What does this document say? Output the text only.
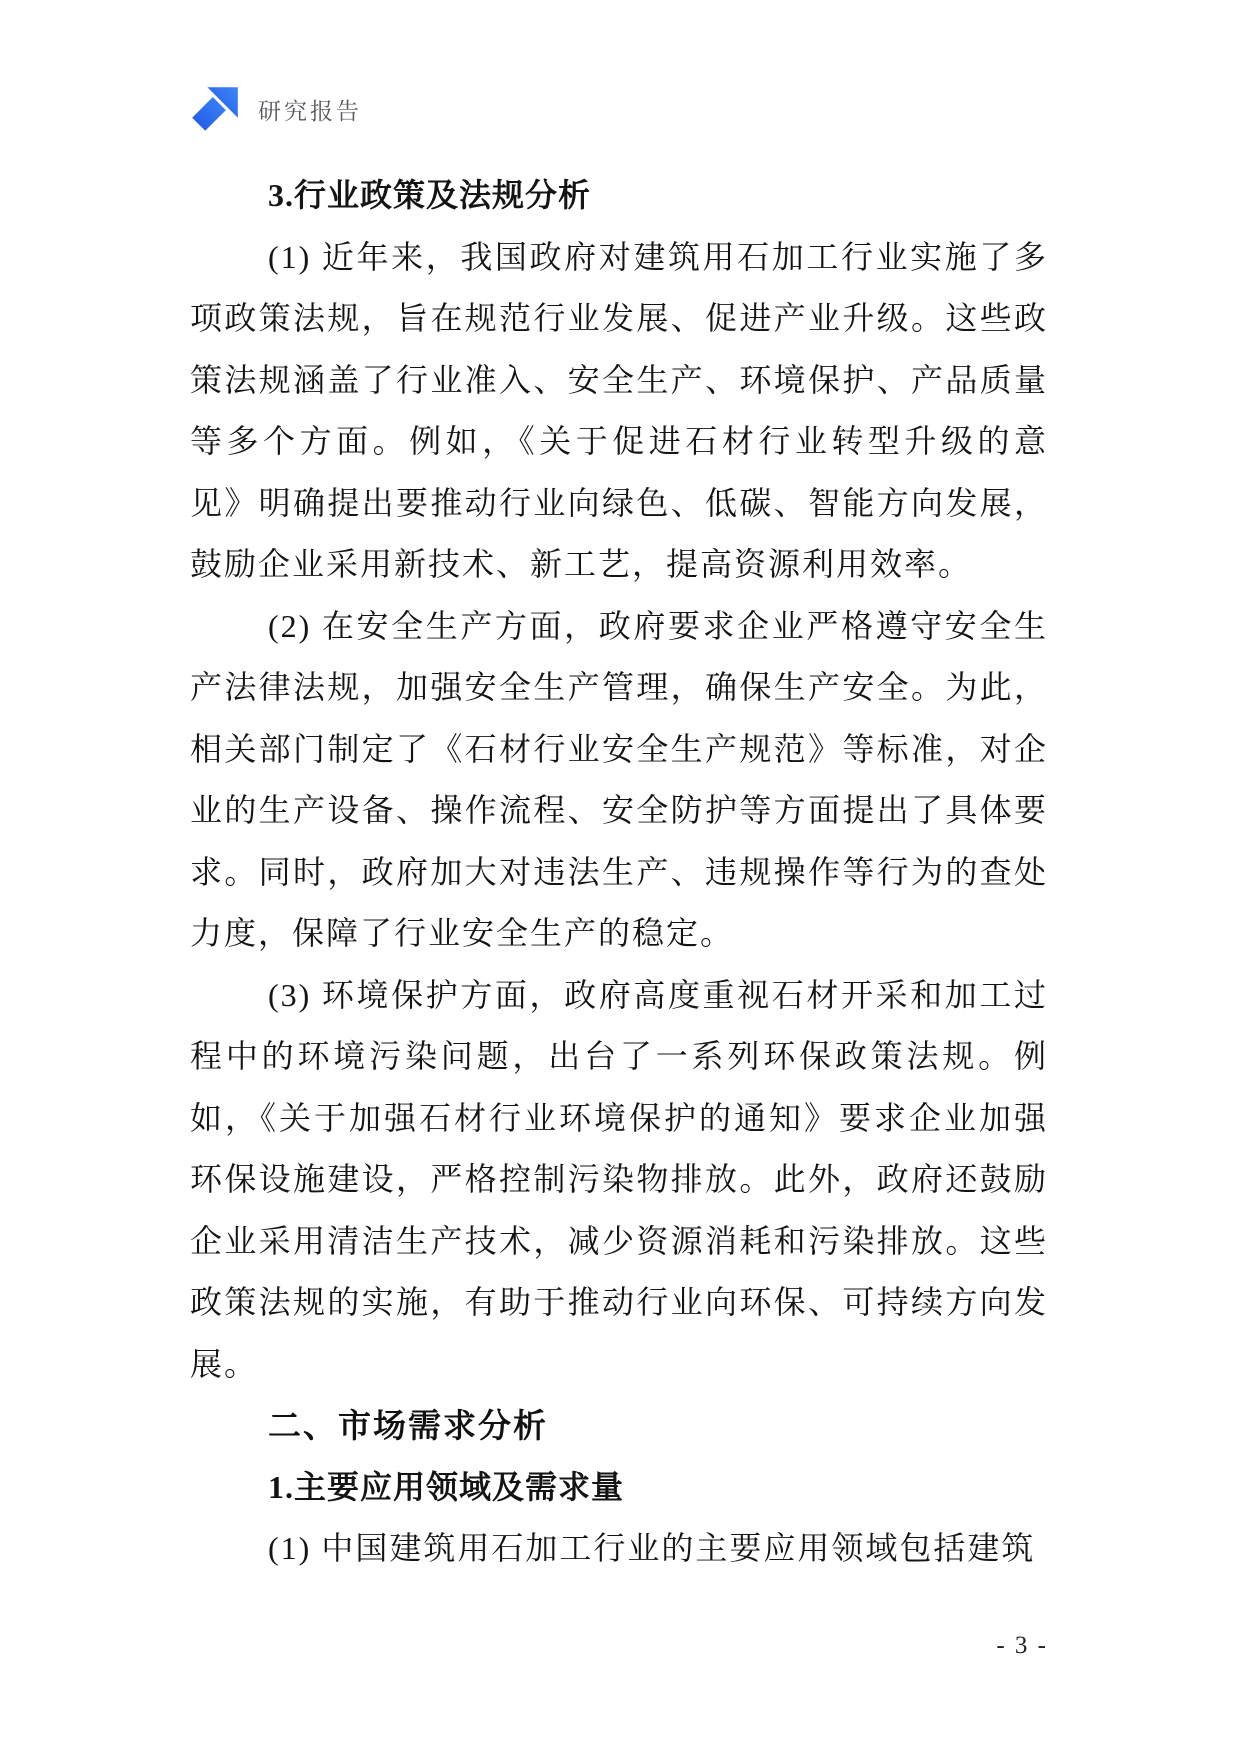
研究报告
3.行业政策及法规分析
(1) 近年来，我国政府对建筑用石加工行业实施了多
项政策法规，旨在规范行业发展、促进产业升级。这些政
策法规涵盖了行业准入、安全生产、环境保护、产品质量
等多个方面。例如，《关于促进石材行业转型升级的意
见》明确提出要推动行业向绿色、低碳、智能方向发展，
鼓励企业采用新技术、新工艺，提高资源利用效率。
(2) 在安全生产方面，政府要求企业严格遵守安全生
产法律法规，加强安全生产管理，确保生产安全。为此，
相关部门制定了《石材行业安全生产规范》等标准，对企
业的生产设备、操作流程、安全防护等方面提出了具体要
求。同时，政府加大对违法生产、违规操作等行为的查处
力度，保障了行业安全生产的稳定。
(3) 环境保护方面，政府高度重视石材开采和加工过
程中的环境污染问题，出台了一系列环保政策法规。例
如，《关于加强石材行业环境保护的通知》要求企业加强
环保设施建设，严格控制污染物排放。此外，政府还鼓励
企业采用清洁生产技术，减少资源消耗和污染排放。这些
政策法规的实施，有助于推动行业向环保、可持续方向发
展。
二、市场需求分析
1.主要应用领域及需求量
(1) 中国建筑用石加工行业的主要应用领域包括建筑
- 3 -
